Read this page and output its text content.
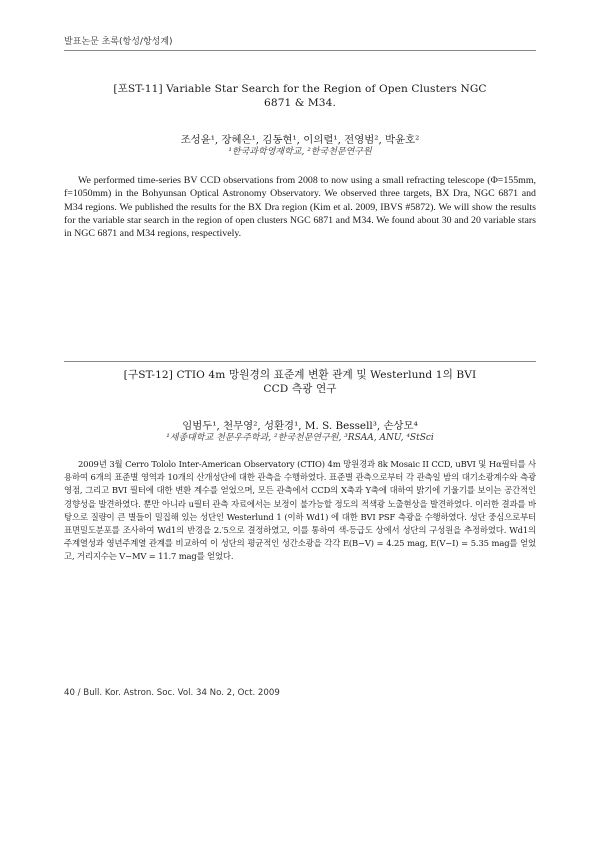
발표논문 초록(항성/항성계)
[포ST-11] Variable Star Search for the Region of Open Clusters NGC
6871 & M34.
조성윤¹, 장혜은¹, 김동현¹, 이의렬¹, 전영범², 박윤호²
¹한국과학영재학교, ²한국천문연구원
We performed time-series BV CCD observations from 2008 to now using a small refracting telescope (Φ=155mm, f=1050mm) in the Bohyunsan Optical Astronomy Observatory. We observed three targets, BX Dra, NGC 6871 and M34 regions. We published the results for the BX Dra region (Kim et al. 2009, IBVS #5872). We will show the results for the variable star search in the region of open clusters NGC 6871 and M34. We found about 30 and 20 variable stars in NGC 6871 and M34 regions, respectively.
[구ST-12] CTIO 4m 망원경의 표준계 변환 관계 및 Westerlund 1의 BVI
CCD 측광 연구
임범두¹, 천무영², 성환경¹, M. S. Bessell³, 손상모⁴
¹세종대학교 천문우주학과, ²한국천문연구원, ³RSAA, ANU, ⁴StSci
2009년 3월 Cerro Tololo Inter-American Observatory (CTIO) 4m 망원경과 8k Mosaic II CCD, uBVI 및 Hα필터를 사용하여 6개의 표준별 영역과 10개의 산개성단에 대한 관측을 수행하였다. 표준별 관측으로부터 각 관측일 밤의 대기소광계수와 측광 영점, 그리고 BVI 필터에 대한 변환 계수를 얻었으며, 모든 관측에서 CCD의 X축과 Y축에 대하여 밝기에 기울기를 보이는 공간적인 경향성을 발견하였다. 뿐만 아니라 u필터 관측 자료에서는 보정이 불가능할 정도의 적색광 노출현상을 발견하였다. 이러한 결과를 바탕으로 질량이 큰 별들이 밀집해 있는 성단인 Westerlund 1 (이하 Wd1) 에 대한 BVI PSF 측광을 수행하였다. 성단 중심으로부터 표면밀도분포를 조사하여 Wd1의 반경을 2.′5으로 결정하였고, 이를 통하여 색-등급도 상에서 성단의 구성원을 추정하였다. Wd1의 주계열성과 영년주계열 관계를 비교하여 이 성단의 평균적인 성간소광을 각각 E(B−V) = 4.25 mag, E(V−I) = 5.35 mag를 얻었고, 거리지수는 V−MV = 11.7 mag를 얻었다.
40 / Bull. Kor. Astron. Soc. Vol. 34 No. 2, Oct. 2009
